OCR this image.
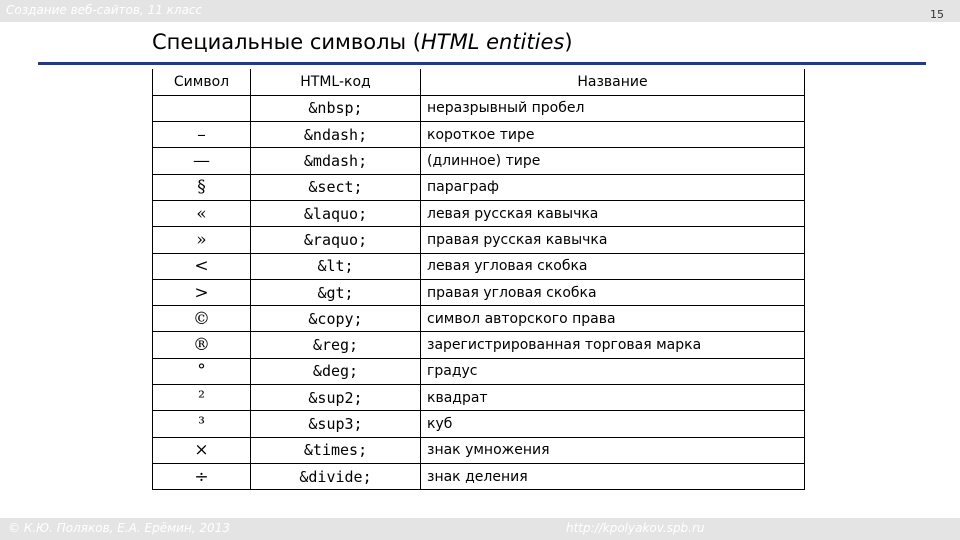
Создание веб-сайтов, 11 класс	15
Специальные символы (HTML entities)
Символ	HTML-код	Название
	&nbsp;	неразрывный пробел
–	&ndash;	короткое тире
—	&mdash;	(длинное) тире
§	&sect;	параграф
«	&laquo;	левая русская кавычка
»	&raquo;	правая русская кавычка
<	&lt;	левая угловая скобка
>	&gt;	правая угловая скобка
©	&copy;	символ авторского права
®	&reg;	зарегистрированная торговая марка
°	&deg;	градус
²	&sup2;	квадрат
³	&sup3;	куб
×	&times;	знак умножения
÷	&divide;	знак деления
© К.Ю. Поляков, Е.А. Ерёмин, 2013	http://kpolyakov.spb.ru
